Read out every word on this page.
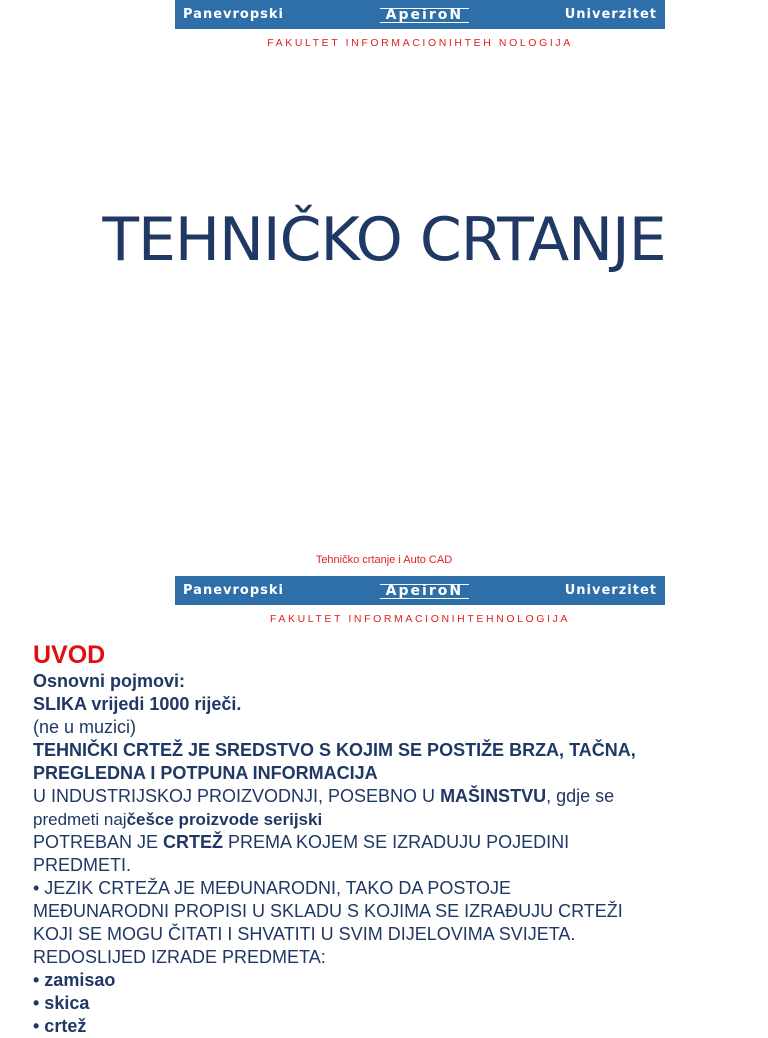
Panevropski	ApeiroN	Univerzitet
FAKULTET INFORMACIONIHTEH NOLOGIJA
TEHNIČKO CRTANJE
Tehničko crtanje i Auto CAD
Panevropski	ApeiroN	Univerzitet
FAKULTET INFORMACIONIHTEHNOLOGIJA
UVOD
Osnovni pojmovi:
SLIKA vrijedi 1000 riječi.
(ne u muzici)
TEHNIČKI CRTEŽ JE SREDSTVO S KOJIM SE POSTIŽE BRZA, TAČNA,
PREGLEDNA I POTPUNA INFORMACIJA
U INDUSTRIJSKOJ PROIZVODNJI, POSEBNO U MAŠINSTVU, gdje se
predmeti najčešce proizvode serijski
POTREBAN JE CRTEŽ PREMA KOJEM SE IZRADUJU POJEDINI
PREDMETI.
• JEZIK CRTEŽA JE MEĐUNARODNI, TAKO DA POSTOJE
MEĐUNARODNI PROPISI U SKLADU S KOJIMA SE IZRAĐUJU CRTEŽI
KOJI SE MOGU ČITATI I SHVATITI U SVIM DIJELOVIMA SVIJETA.
REDOSLIJED IZRADE PREDMETA:
• zamisao
• skica
• crtež
